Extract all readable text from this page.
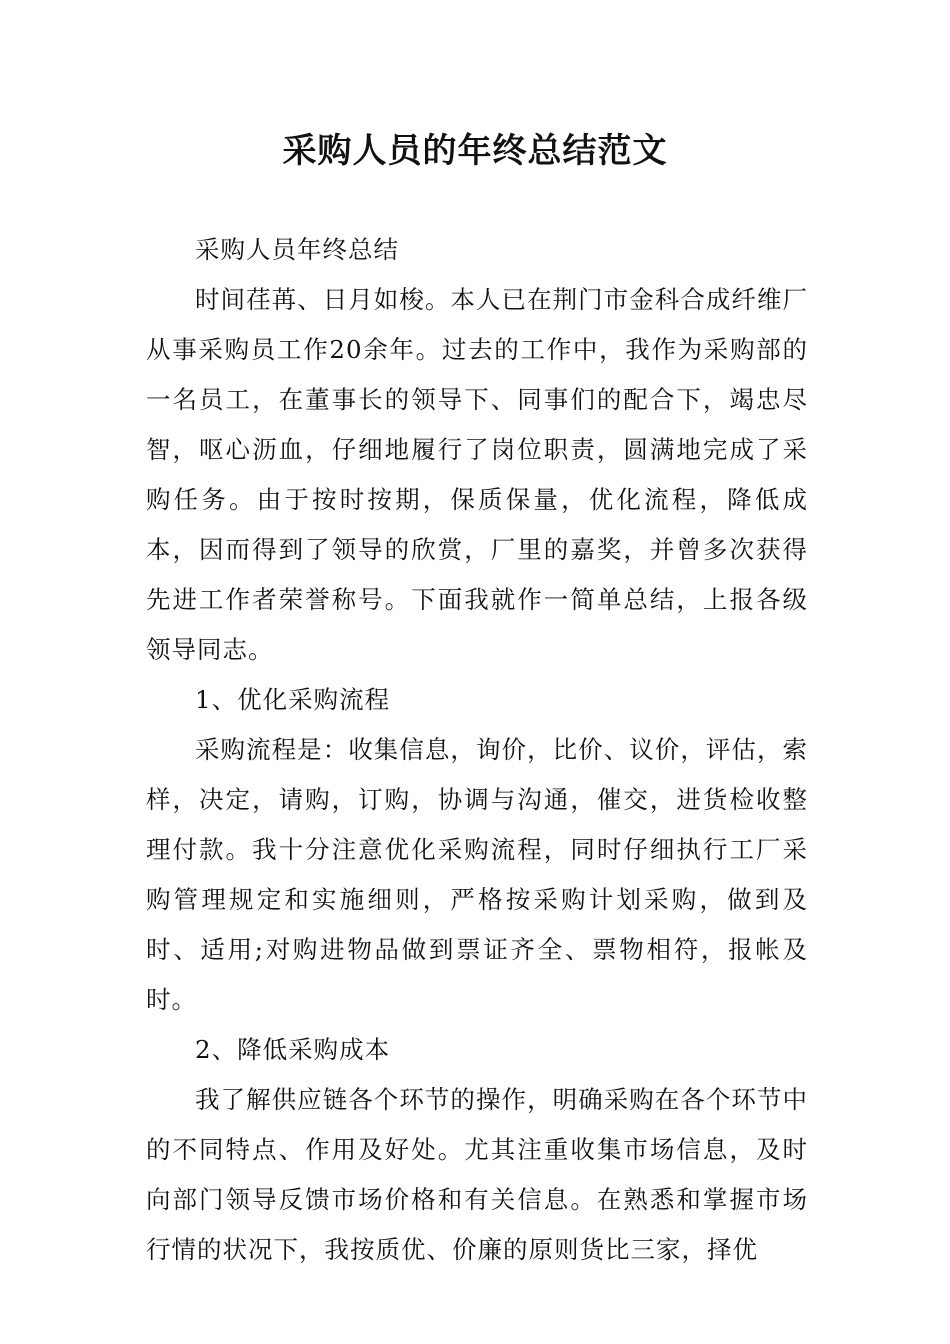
采购人员的年终总结范文

采购人员年终总结

时间荏苒、日月如梭。本人已在荆门市金科合成纤维厂从事采购员工作20余年。过去的工作中，我作为采购部的一名员工，在董事长的领导下、同事们的配合下，竭忠尽智，呕心沥血，仔细地履行了岗位职责，圆满地完成了采购任务。由于按时按期，保质保量，优化流程，降低成本，因而得到了领导的欣赏，厂里的嘉奖，并曾多次获得先进工作者荣誉称号。下面我就作一简单总结，上报各级领导同志。

1、优化采购流程

采购流程是：收集信息，询价，比价、议价，评估，索样，决定，请购，订购，协调与沟通，催交，进货检收整理付款。我十分注意优化采购流程，同时仔细执行工厂采购管理规定和实施细则，严格按采购计划采购，做到及时、适用;对购进物品做到票证齐全、票物相符，报帐及时。

2、降低采购成本

我了解供应链各个环节的操作，明确采购在各个环节中的不同特点、作用及好处。尤其注重收集市场信息，及时向部门领导反馈市场价格和有关信息。在熟悉和掌握市场行情的状况下，我按质优、价廉的原则货比三家，择优
